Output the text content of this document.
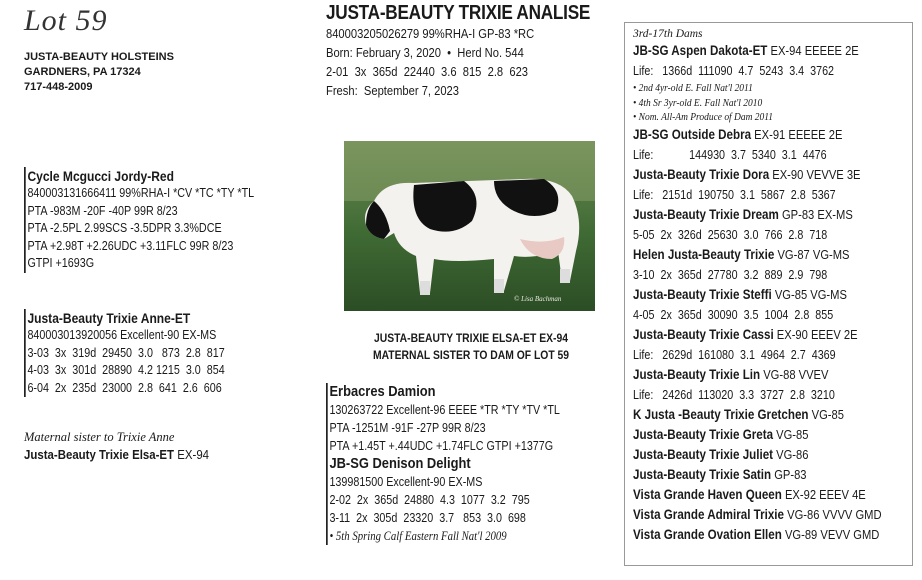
Lot 59
JUSTA-BEAUTY HOLSTEINS
GARDNERS, PA 17324
717-448-2009
Cycle Mcgucci Jordy-Red
840003131666411 99%RHA-I *CV *TC *TY *TL
PTA -983M -20F -40P 99R 8/23
PTA -2.5PL 2.99SCS -3.5DPR 3.3%DCE
PTA +2.98T +2.26UDC +3.11FLC 99R 8/23
GTPI +1693G
Justa-Beauty Trixie Anne-ET
840003013920056 Excellent-90 EX-MS
3-03  3x  319d  29450  3.0   873  2.8  817
4-03  3x  301d  28890  4.2 1215  3.0  854
6-04  2x  235d  23000  2.8  641  2.6  606
Maternal sister to Trixie Anne
Justa-Beauty Trixie Elsa-ET EX-94
JUSTA-BEAUTY TRIXIE ANALISE
840003205026279 99%RHA-I GP-83 *RC
Born: February 3, 2020  •  Herd No. 544
2-01  3x  365d  22440  3.6  815  2.8  623
Fresh:  September 7, 2023
© Lisa Bachman
JUSTA-BEAUTY TRIXIE ELSA-ET EX-94
MATERNAL SISTER TO DAM OF LOT 59
Erbacres Damion
130263722 Excellent-96 EEEE *TR *TY *TV *TL
PTA -1251M -91F -27P 99R 8/23
PTA +1.45T +.44UDC +1.74FLC GTPI +1377G
JB-SG Denison Delight
139981500 Excellent-90 EX-MS
2-02  2x  365d  24880  4.3  1077  3.2  795
3-11  2x  305d  23320  3.7   853  3.0  698
• 5th Spring Calf Eastern Fall Nat'l 2009
3rd-17th Dams
JB-SG Aspen Dakota-ET EX-94 EEEEE 2E
Life:   1366d  111090  4.7  5243  3.4  3762
• 2nd 4yr-old E. Fall Nat'l 2011
• 4th Sr 3yr-old E. Fall Nat'l 2010
• Nom. All-Am Produce of Dam 2011
JB-SG Outside Debra EX-91 EEEEE 2E
Life:            144930  3.7  5340  3.1  4476
Justa-Beauty Trixie Dora EX-90 VEVVE 3E
Life:   2151d  190750  3.1  5867  2.8  5367
Justa-Beauty Trixie Dream GP-83 EX-MS
5-05  2x  326d  25630  3.0  766  2.8  718
Helen Justa-Beauty Trixie VG-87 VG-MS
3-10  2x  365d  27780  3.2  889  2.9  798
Justa-Beauty Trixie Steffi VG-85 VG-MS
4-05  2x  365d  30090  3.5  1004  2.8  855
Justa-Beauty Trixie Cassi EX-90 EEEV 2E
Life:   2629d  161080  3.1  4964  2.7  4369
Justa-Beauty Trixie Lin VG-88 VVEV
Life:   2426d  113020  3.3  3727  2.8  3210
K Justa -Beauty Trixie Gretchen VG-85
Justa-Beauty Trixie Greta VG-85
Justa-Beauty Trixie Juliet VG-86
Justa-Beauty Trixie Satin GP-83
Vista Grande Haven Queen EX-92 EEEV 4E
Vista Grande Admiral Trixie VG-86 VVVV GMD
Vista Grande Ovation Ellen VG-89 VEVV GMD
